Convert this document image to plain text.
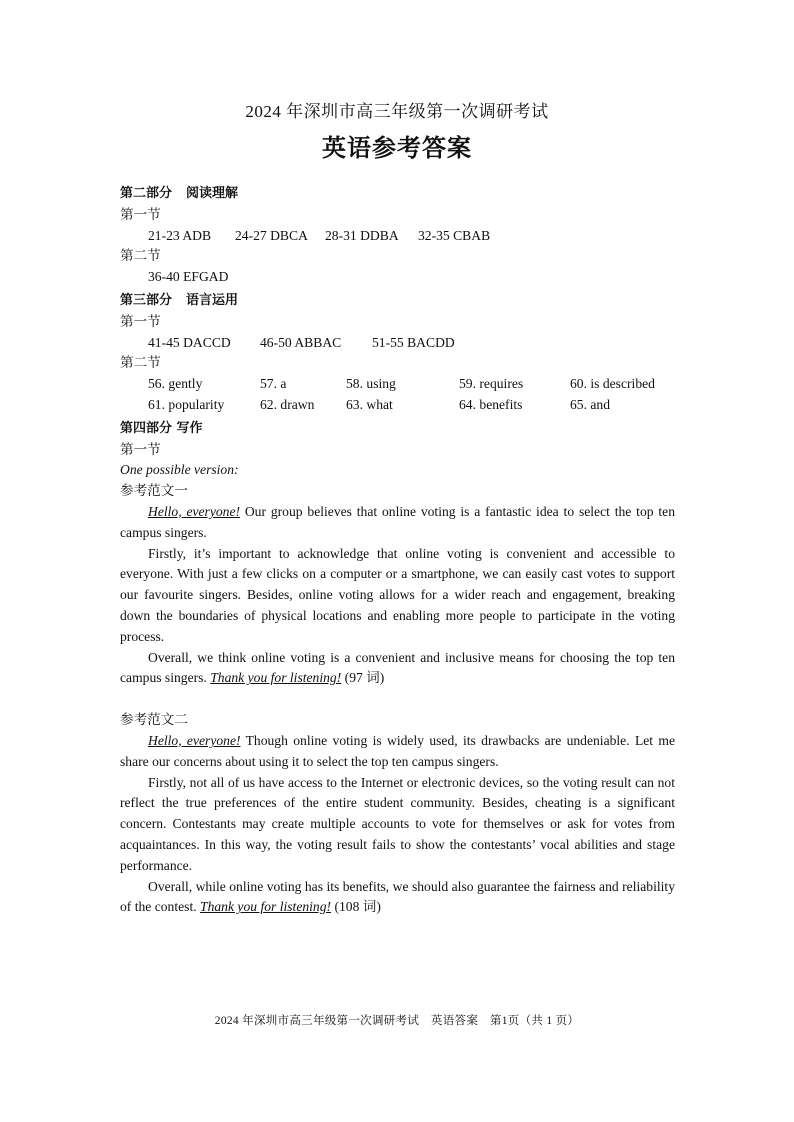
2024 年深圳市高三年级第一次调研考试
英语参考答案
第二部分 阅读理解
第一节
21-23 ADB 24-27 DBCA 28-31 DDBA 32-35 CBAB
第二节
36-40 EFGAD
第三部分 语言运用
第一节
41-45 DACCD 46-50 ABBAC 51-55 BACDD
第二节
56. gently	57. a	58. using	59. requires	60. is described
61. popularity	62. drawn	63. what	64. benefits	65. and
第四部分 写作
第一节
One possible version:
参考范文一

Hello, everyone! Our group believes that online voting is a fantastic idea to select the top ten campus singers.

Firstly, it’s important to acknowledge that online voting is convenient and accessible to everyone. With just a few clicks on a computer or a smartphone, we can easily cast votes to support our favourite singers. Besides, online voting allows for a wider reach and engagement, breaking down the boundaries of physical locations and enabling more people to participate in the voting process.

Overall, we think online voting is a convenient and inclusive means for choosing the top ten campus singers. Thank you for listening! (97 词)

参考范文二

Hello, everyone! Though online voting is widely used, its drawbacks are undeniable. Let me share our concerns about using it to select the top ten campus singers.

Firstly, not all of us have access to the Internet or electronic devices, so the voting result can not reflect the true preferences of the entire student community. Besides, cheating is a significant concern. Contestants may create multiple accounts to vote for themselves or ask for votes from acquaintances. In this way, the voting result fails to show the contestants’ vocal abilities and stage performance.

Overall, while online voting has its benefits, we should also guarantee the fairness and reliability of the contest. Thank you for listening! (108 词)

2024 年深圳市高三年级第一次调研考试　英语答案　第1页（共 1 页）
